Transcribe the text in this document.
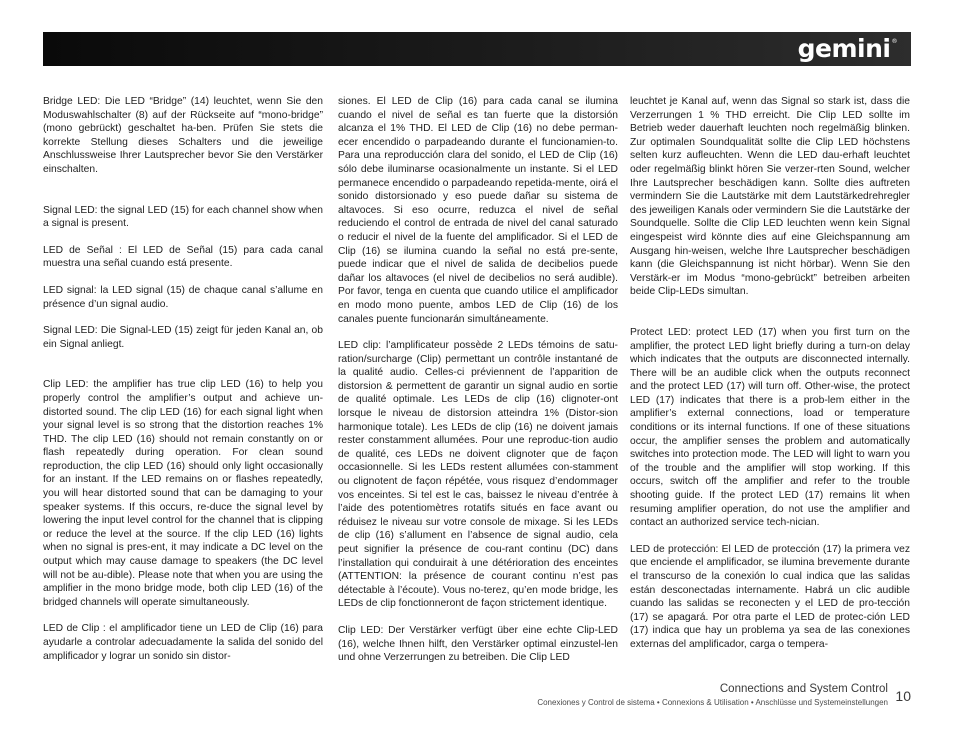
gemini®

Bridge LED: Die LED “Bridge” (14) leuchtet, wenn Sie den Moduswahlschalter (8) auf der Rückseite auf “mono-bridge” (mono gebrückt) geschaltet ha-ben. Prüfen Sie stets die korrekte Stellung dieses Schalters und die jeweilige Anschlussweise Ihrer Lautsprecher bevor Sie den Verstärker einschalten.

Signal LED: the signal LED (15) for each channel show when a signal is present.

LED de Señal : El LED de Señal (15) para cada canal muestra una señal cuando está presente.

LED signal: la LED signal (15) de chaque canal s’allume en présence d’un signal audio.

Signal LED: Die Signal-LED (15) zeigt für jeden Kanal an, ob ein Signal anliegt.

Clip LED: the amplifier has true clip LED (16) to help you properly control the amplifier’s output and achieve un-distorted sound. The clip LED (16) for each signal light when your signal level is so strong that the distortion reaches 1% THD. The clip LED (16) should not remain constantly on or flash repeatedly during operation. For clean sound reproduction, the clip LED (16) should only light occasionally for an instant. If the LED remains on or flashes repeatedly, you will hear distorted sound that can be damaging to your speaker systems. If this occurs, re-duce the signal level by lowering the input level control for the channel that is clipping or reduce the level at the source. If the clip LED (16) lights when no signal is pres-ent, it may indicate a DC level on the output which may cause damage to speakers (the DC level will not be au-dible). Please note that when you are using the amplifier in the mono bridge mode, both clip LED (16) of the bridged channels will operate simultaneously.

LED de Clip : el amplificador tiene un LED de Clip (16) para ayudarle a controlar adecuadamente la salida del sonido del amplificador y lograr un sonido sin distor-

siones. El LED de Clip (16) para cada canal se ilumina cuando el nivel de señal es tan fuerte que la distorsión alcanza el 1% THD. El LED de Clip (16) no debe perman-ecer encendido o parpadeando durante el funcionamien-to. Para una reproducción clara del sonido, el LED de Clip (16) sólo debe iluminarse ocasionalmente un instante. Si el LED permanece encendido o parpadeando repetida-mente, oirá el sonido distorsionado y eso puede dañar su sistema de altavoces. Si eso ocurre, reduzca el nivel de señal reduciendo el control de entrada de nivel del canal saturado o reducir el nivel de la fuente del amplificador. Si el LED de Clip (16) se ilumina cuando la señal no está pre-sente, puede indicar que el nivel de salida de decibelios puede dañar los altavoces (el nivel de decibelios no será audible). Por favor, tenga en cuenta que cuando utilice el amplificador en modo mono puente, ambos LED de Clip (16) de los canales puente funcionarán simultáneamente.

LED clip: l’amplificateur possède 2 LEDs témoins de satu-ration/surcharge (Clip) permettant un contrôle instantané de la qualité audio. Celles-ci préviennent de l’apparition de distorsion & permettent de garantir un signal audio en sortie de qualité optimale. Les LEDs de clip (16) clignoter-ont lorsque le niveau de distorsion atteindra 1% (Distor-sion harmonique totale). Les LEDs de clip (16) ne doivent jamais rester constamment allumées. Pour une reproduc-tion audio de qualité, ces LEDs ne doivent clignoter que de façon occasionnelle. Si les LEDs restent allumées con-stamment ou clignotent de façon répétée, vous risquez d’endommager vos enceintes. Si tel est le cas, baissez le niveau d’entrée à l’aide des potentiomètres rotatifs situés en face avant ou réduisez le niveau sur votre console de mixage. Si les LEDs de clip (16) s’allument en l’absence de signal audio, cela peut signifier la présence de cou-rant continu (DC) dans l’installation qui conduirait à une détérioration des enceintes (ATTENTION: la présence de courant continu n’est pas détectable à l’écoute). Vous no-terez, qu’en mode bridge, les LEDs de clip fonctionneront de façon strictement identique.

Clip LED: Der Verstärker verfügt über eine echte Clip-LED (16), welche Ihnen hilft, den Verstärker optimal einzustel-len und ohne Verzerrungen zu betreiben. Die Clip LED

leuchtet je Kanal auf, wenn das Signal so stark ist, dass die Verzerrungen 1 % THD erreicht. Die Clip LED sollte im Betrieb weder dauerhaft leuchten noch regelmäßig blinken. Zur optimalen Soundqualität sollte die Clip LED höchstens selten kurz aufleuchten. Wenn die LED dau-erhaft leuchtet oder regelmäßig blinkt hören Sie verzer-rten Sound, welcher Ihre Lautsprecher beschädigen kann. Sollte dies auftreten vermindern Sie die Lautstärke mit dem Lautstärkedrehregler des jeweiligen Kanals oder vermindern Sie die Lautstärke der Soundquelle. Sollte die Clip LED leuchten wenn kein Signal eingespeist wird könnte dies auf eine Gleichspannung am Ausgang hin-weisen, welche Ihre Lautsprecher beschädigen kann (die Gleichspannung ist nicht hörbar). Wenn Sie den Verstärk-er im Modus “mono-gebrückt” betreiben arbeiten beide Clip-LEDs simultan.

Protect LED: protect LED (17) when you first turn on the amplifier, the protect LED light briefly during a turn-on delay which indicates that the outputs are disconnected internally. There will be an audible click when the outputs reconnect and the protect LED (17) will turn off. Other-wise, the protect LED (17) indicates that there is a prob-lem either in the amplifier’s external connections, load or temperature conditions or its internal functions. If one of these situations occur, the amplifier senses the problem and automatically switches into protection mode. The LED will light to warn you of the trouble and the amplifier will stop working. If this occurs, switch off the amplifier and refer to the trouble shooting guide. If the protect LED (17) remains lit when resuming amplifier operation, do not use the amplifier and contact an authorized service tech-nician.

LED de protección: El LED de protección (17) la primera vez que enciende el amplificador, se ilumina brevemente durante el transcurso de la conexión lo cual indica que las salidas están desconectadas internamente. Habrá un clic audible cuando las salidas se reconecten y el LED de pro-tección (17) se apagará. Por otra parte el LED de protec-ción LED (17) indica que hay un problema ya sea de las conexiones externas del amplificador, carga o tempera-

Connections and System Control
Conexiones y Control de sistema • Connexions & Utilisation • Anschlüsse und Systemeinstellungen 10
